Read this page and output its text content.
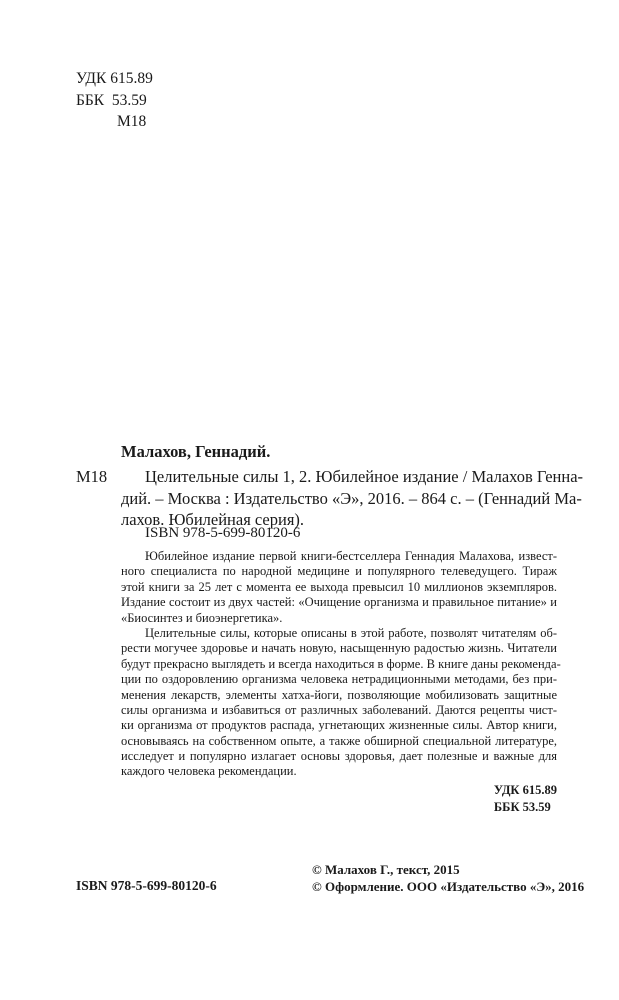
УДК 615.89
ББК  53.59
М18
Малахов, Геннадий.
М18	Целительные силы 1, 2. Юбилейное издание / Малахов Генна-
дий. – Москва : Издательство «Э», 2016. – 864 с. – (Геннадий Ма-
лахов. Юбилейная серия).
ISBN 978-5-699-80120-6
Юбилейное издание первой книги-бестселлера Геннадия Малахова, извест-
ного специалиста по народной медицине и популярного телеведущего. Тираж
этой книги за 25 лет с момента ее выхода превысил 10 миллионов экземпляров.
Издание состоит из двух частей: «Очищение организма и правильное питание» и
«Биосинтез и биоэнергетика».
Целительные силы, которые описаны в этой работе, позволят читателям об-
рести могучее здоровье и начать новую, насыщенную радостью жизнь. Читатели
будут прекрасно выглядеть и всегда находиться в форме. В книге даны рекоменда-
ции по оздоровлению организма человека нетрадиционными методами, без при-
менения лекарств, элементы хатха-йоги, позволяющие мобилизовать защитные
силы организма и избавиться от различных заболеваний. Даются рецепты чист-
ки организма от продуктов распада, угнетающих жизненные силы. Автор книги,
основываясь на собственном опыте, а также обширной специальной литературе,
исследует и популярно излагает основы здоровья, дает полезные и важные для
каждого человека рекомендации.
УДК 615.89
ББК 53.59
ISBN 978-5-699-80120-6
© Малахов Г., текст, 2015
© Оформление. ООО «Издательство «Э», 2016
